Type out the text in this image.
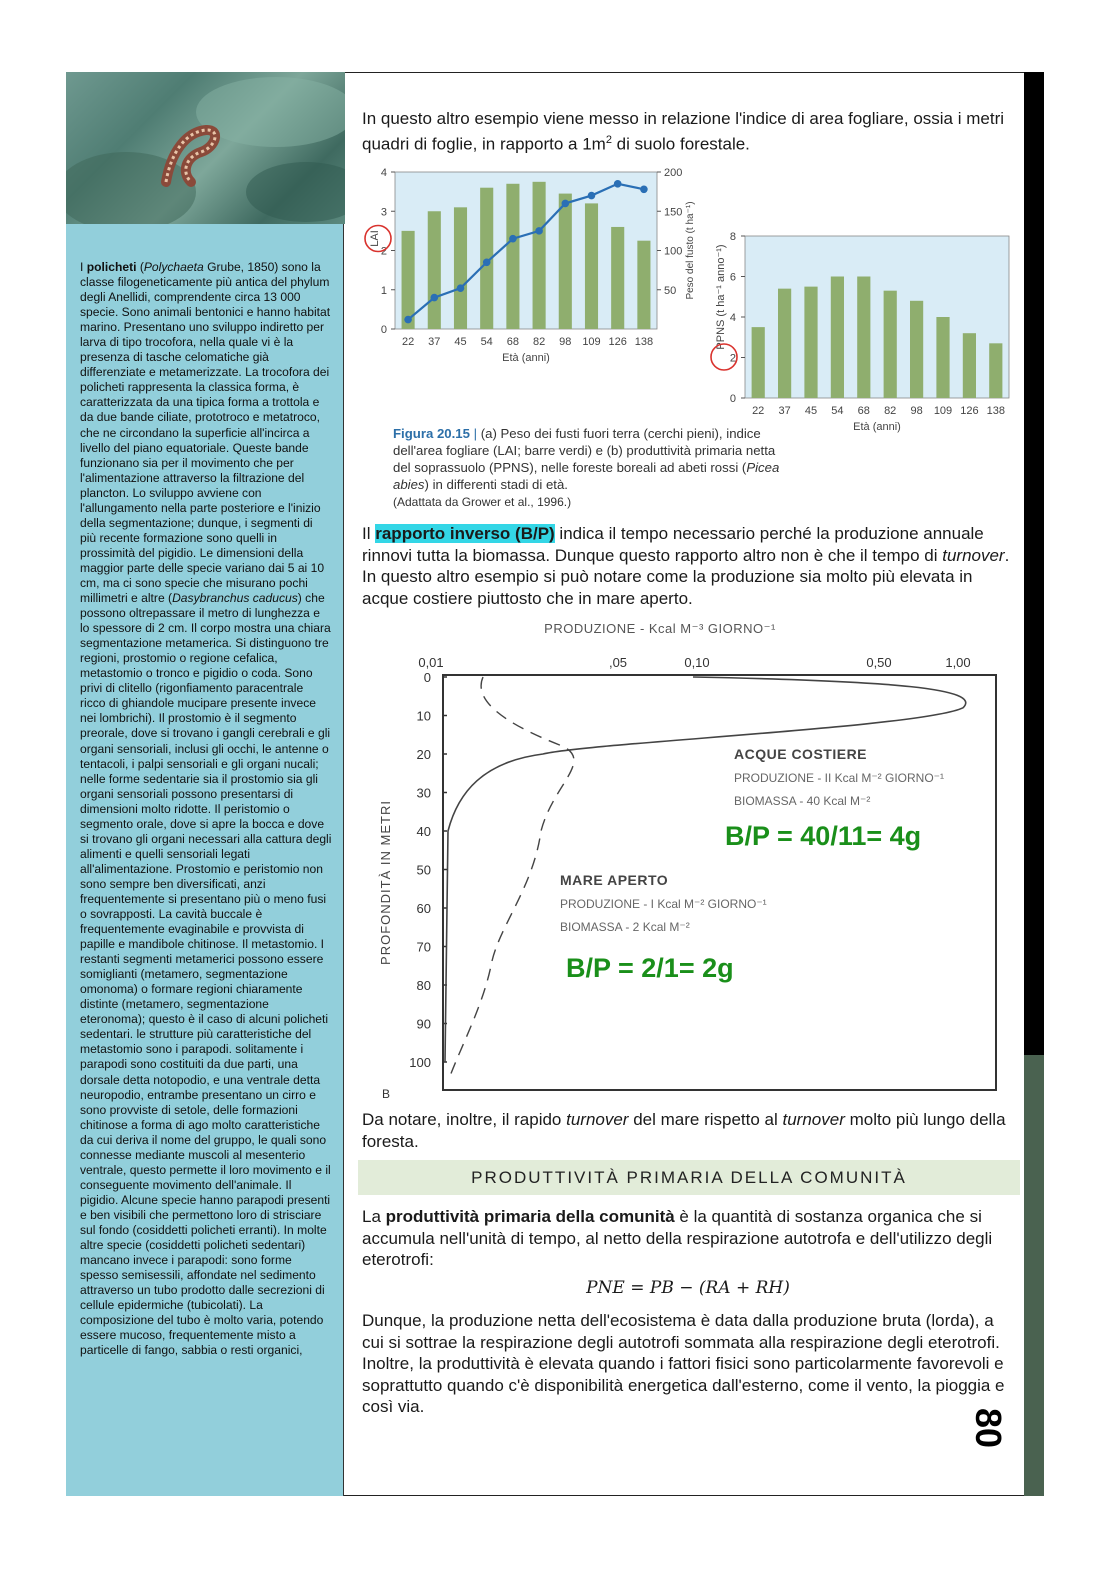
I policheti (Polychaeta Grube, 1850) sono la classe filogeneticamente più antica del phylum degli Anellidi, comprendente circa 13 000 specie. Sono animali bentonici e hanno habitat marino. Presentano uno sviluppo indiretto per larva di tipo trocofora, nella quale vi è la presenza di tasche celomatiche già differenziate e metamerizzate. La trocofora dei policheti rappresenta la classica forma, è caratterizzata da una tipica forma a trottola e da due bande ciliate, prototroco e metatroco, che ne circondano la superficie all'incirca a livello del piano equatoriale. Queste bande funzionano sia per il movimento che per l'alimentazione attraverso la filtrazione del plancton. Lo sviluppo avviene con l'allungamento nella parte posteriore e l'inizio della segmentazione; dunque, i segmenti di più recente formazione sono quelli in prossimità del pigidio. Le dimensioni della maggior parte delle specie variano dai 5 ai 10 cm, ma ci sono specie che misurano pochi millimetri e altre (Dasybranchus caducus) che possono oltrepassare il metro di lunghezza e lo spessore di 2 cm. Il corpo mostra una chiara segmentazione metamerica. Si distinguono tre regioni, prostomio o regione cefalica, metastomio o tronco e pigidio o coda. Sono privi di clitello (rigonfiamento paracentrale ricco di ghiandole mucipare presente invece nei lombrichi). Il prostomio è il segmento preorale, dove si trovano i gangli cerebrali e gli organi sensoriali, inclusi gli occhi, le antenne o tentacoli, i palpi sensoriali e gli organi nucali; nelle forme sedentarie sia il prostomio sia gli organi sensoriali possono presentarsi di dimensioni molto ridotte. Il peristomio o segmento orale, dove si apre la bocca e dove si trovano gli organi necessari alla cattura degli alimenti e quelli sensoriali legati all'alimentazione. Prostomio e peristomio non sono sempre ben diversificati, anzi frequentemente si presentano più o meno fusi o sovrapposti. La cavità buccale è frequentemente evaginabile e provvista di papille e mandibole chitinose. Il metastomio. I restanti segmenti metamerici possono essere somiglianti (metamero, segmentazione omonoma) o formare regioni chiaramente distinte (metamero, segmentazione eteronoma); questo è il caso di alcuni policheti sedentari. le strutture più caratteristiche del metastomio sono i parapodi. solitamente i parapodi sono costituiti da due parti, una dorsale detta notopodio, e una ventrale detta neuropodio, entrambe presentano un cirro e sono provviste di setole, delle formazioni chitinose a forma di ago molto caratteristiche da cui deriva il nome del gruppo, le quali sono connesse mediante muscoli al mesenterio ventrale, questo permette il loro movimento e il conseguente movimento dell'animale. Il pigidio. Alcune specie hanno parapodi presenti e ben visibili che permettono loro di strisciare sul fondo (cosiddetti policheti erranti). In molte altre specie (cosiddetti policheti sedentari) mancano invece i parapodi: sono forme spesso semisessili, affondate nel sedimento attraverso un tubo prodotto dalle secrezioni di cellule epidermiche (tubicolati). La composizione del tubo è molto varia, potendo essere mucoso, frequentemente misto a particelle di fango, sabbia o resti organici,
In questo altro esempio viene messo in relazione l'indice di area fogliare, ossia i metri quadri di foglie, in rapporto a $1m^2$ di suolo forestale.
22 37 45 54 68 82 98 109 126 138
0
1
2
3
4
50
100
150
200
Età (anni)
LAI	Peso del fusto (t ha⁻¹)
22 37 45 54 68 82 98 109 126 138
0
2
4
6
8
Età (anni)
PPNS (t ha⁻¹ anno⁻¹)
Figura 20.15 | (a) Peso dei fusti fuori terra (cerchi pieni), indice dell'area fogliare (LAI; barre verdi) e (b) produttività primaria netta del soprassuolo (PPNS), nelle foreste boreali ad abeti rossi (Picea abies) in differenti stadi di età.
(Adattata da Grower et al., 1996.)
Il rapporto inverso (B/P) indica il tempo necessario perché la produzione annuale rinnovi tutta la biomassa. Dunque questo rapporto altro non è che il tempo di turnover. In questo altro esempio si può notare come la produzione sia molto più elevata in acque costiere piuttosto che in mare aperto.
PRODUZIONE - Kcal M⁻³ GIORNO⁻¹
0,01	,05	0,10	0,50	1,00
0
10
20
30
40
50
60
70
80
90
100
PROFONDITÀ IN METRI
B
ACQUE COSTIERE
PRODUZIONE - II Kcal M⁻² GIORNO⁻¹
BIOMASSA - 40 Kcal M⁻²
B/P = 40/11= 4g
MARE APERTO
PRODUZIONE - I Kcal M⁻² GIORNO⁻¹
BIOMASSA - 2 Kcal M⁻²
B/P = 2/1= 2g
Da notare, inoltre, il rapido turnover del mare rispetto al turnover molto più lungo della foresta.
PRODUTTIVITÀ PRIMARIA DELLA COMUNITÀ
La produttività primaria della comunità è la quantità di sostanza organica che si accumula nell'unità di tempo, al netto della respirazione autotrofa e dell'utilizzo degli eterotrofi:
PNE = PB − (RA + RH)
Dunque, la produzione netta dell'ecosistema è data dalla produzione bruta (lorda), a cui si sottrae la respirazione degli autotrofi sommata alla respirazione degli eterotrofi. Inoltre, la produttività è elevata quando i fattori fisici sono particolarmente favorevoli e soprattutto quando c'è disponibilità energetica dall'esterno, come il vento, la pioggia e così via.
80
